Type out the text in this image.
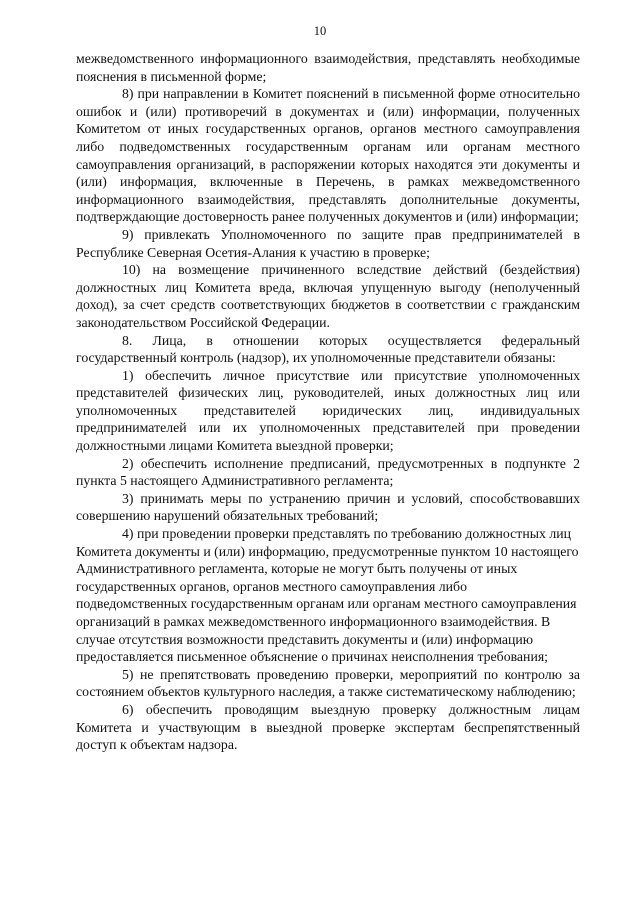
10

межведомственного информационного взаимодействия, представлять необходимые пояснения в письменной форме;

8) при направлении в Комитет пояснений в письменной форме относительно ошибок и (или) противоречий в документах и (или) информации, полученных Комитетом от иных государственных органов, органов местного самоуправления либо подведомственных государственным органам или органам местного самоуправления организаций, в распоряжении которых находятся эти документы и (или) информация, включенные в Перечень, в рамках межведомственного информационного взаимодействия, представлять дополнительные документы, подтверждающие достоверность ранее полученных документов и (или) информации;

9) привлекать Уполномоченного по защите прав предпринимателей в Республике Северная Осетия-Алания к участию в проверке;

10) на возмещение причиненного вследствие действий (бездействия) должностных лиц Комитета вреда, включая упущенную выгоду (неполученный доход), за счет средств соответствующих бюджетов в соответствии с гражданским законодательством Российской Федерации.

8. Лица, в отношении которых осуществляется федеральный государственный контроль (надзор), их уполномоченные представители обязаны:

1) обеспечить личное присутствие или присутствие уполномоченных представителей физических лиц, руководителей, иных должностных лиц или уполномоченных представителей юридических лиц, индивидуальных предпринимателей или их уполномоченных представителей при проведении должностными лицами Комитета выездной проверки;

2) обеспечить исполнение предписаний, предусмотренных в подпункте 2 пункта 5 настоящего Административного регламента;

3) принимать меры по устранению причин и условий, способствовавших совершению нарушений обязательных требований;

4) при проведении проверки представлять по требованию должностных лиц Комитета документы и (или) информацию, предусмотренные пунктом 10 настоящего Административного регламента, которые не могут быть получены от иных государственных органов, органов местного самоуправления либо подведомственных государственным органам или органам местного самоуправления организаций в рамках межведомственного информационного взаимодействия. В случае отсутствия возможности представить документы и (или) информацию предоставляется письменное объяснение о причинах неисполнения требования;

5) не препятствовать проведению проверки, мероприятий по контролю за состоянием объектов культурного наследия, а также систематическому наблюдению;

6) обеспечить проводящим выездную проверку должностным лицам Комитета и участвующим в выездной проверке экспертам беспрепятственный доступ к объектам надзора.
